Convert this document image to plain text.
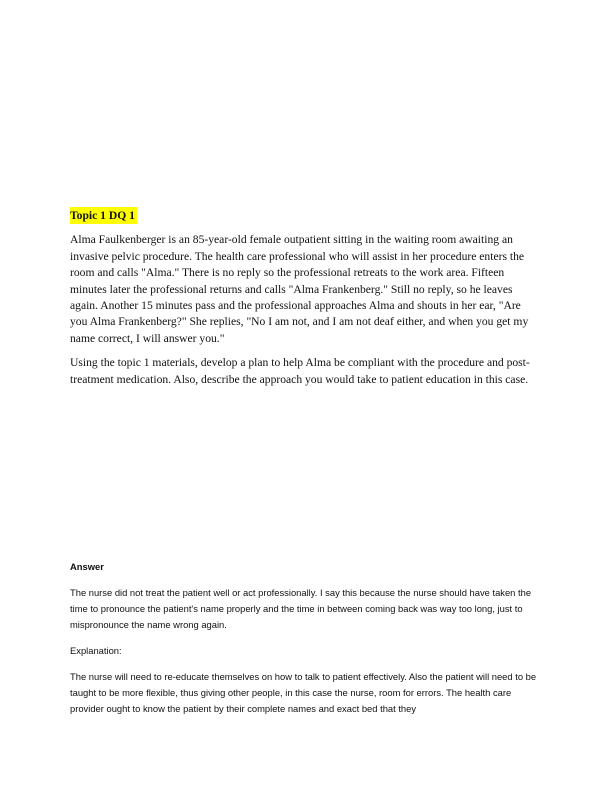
Topic 1 DQ 1

Alma Faulkenberger is an 85-year-old female outpatient sitting in the waiting room awaiting an invasive pelvic procedure. The health care professional who will assist in her procedure enters the room and calls "Alma." There is no reply so the professional retreats to the work area. Fifteen minutes later the professional returns and calls "Alma Frankenberg." Still no reply, so he leaves again. Another 15 minutes pass and the professional approaches Alma and shouts in her ear, "Are you Alma Frankenberg?" She replies, "No I am not, and I am not deaf either, and when you get my name correct, I will answer you."

Using the topic 1 materials, develop a plan to help Alma be compliant with the procedure and post-treatment medication. Also, describe the approach you would take to patient education in this case.

Answer

The nurse did not treat the patient well or act professionally. I say this because the nurse should have taken the time to pronounce the patient's name properly and the time in between coming back was way too long, just to mispronounce the name wrong again.

Explanation:

The nurse will need to re-educate themselves on how to talk to patient effectively. Also the patient will need to be taught to be more flexible, thus giving other people, in this case the nurse, room for errors. The health care provider ought to know the patient by their complete names and exact bed that they
